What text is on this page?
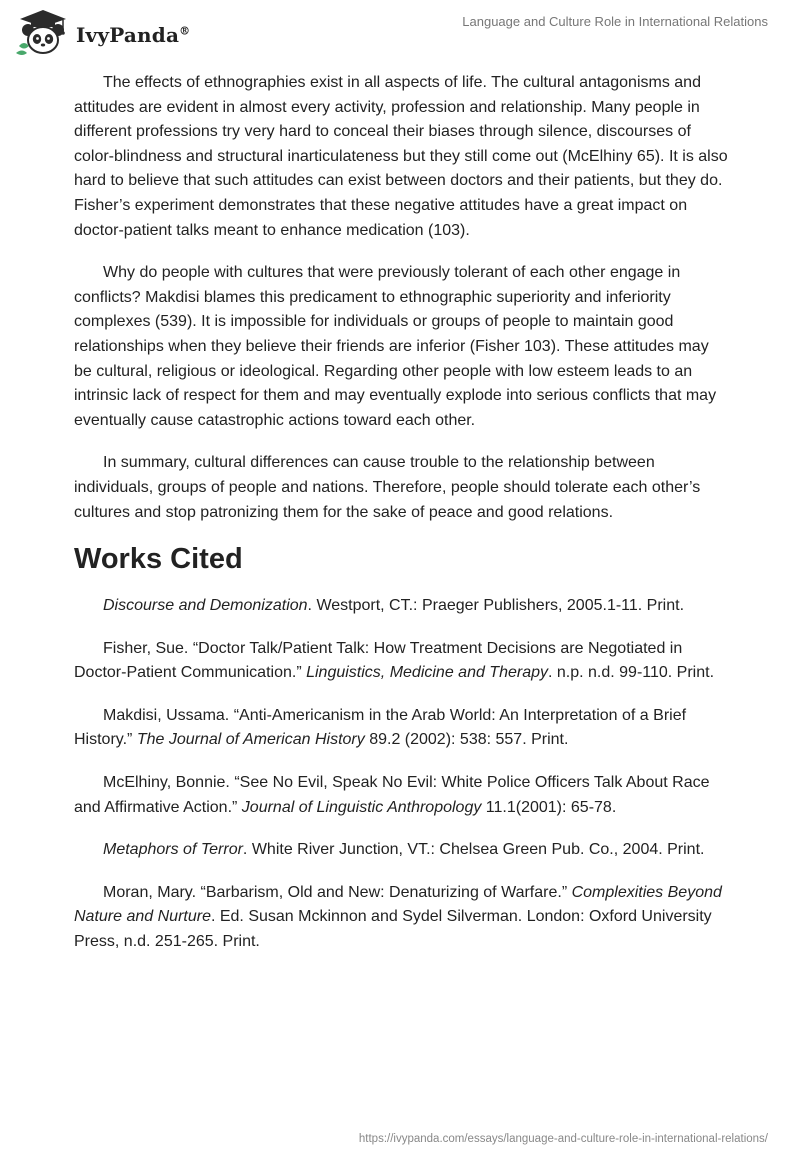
IvyPanda®
Language and Culture Role in International Relations

The effects of ethnographies exist in all aspects of life. The cultural antagonisms and attitudes are evident in almost every activity, profession and relationship. Many people in different professions try very hard to conceal their biases through silence, discourses of color-blindness and structural inarticulateness but they still come out (McElhiny 65). It is also hard to believe that such attitudes can exist between doctors and their patients, but they do. Fisher’s experiment demonstrates that these negative attitudes have a great impact on doctor-patient talks meant to enhance medication (103).

Why do people with cultures that were previously tolerant of each other engage in conflicts? Makdisi blames this predicament to ethnographic superiority and inferiority complexes (539). It is impossible for individuals or groups of people to maintain good relationships when they believe their friends are inferior (Fisher 103). These attitudes may be cultural, religious or ideological. Regarding other people with low esteem leads to an intrinsic lack of respect for them and may eventually explode into serious conflicts that may eventually cause catastrophic actions toward each other.

In summary, cultural differences can cause trouble to the relationship between individuals, groups of people and nations. Therefore, people should tolerate each other’s cultures and stop patronizing them for the sake of peace and good relations.

Works Cited

Discourse and Demonization. Westport, CT.: Praeger Publishers, 2005.1-11. Print.

Fisher, Sue. “Doctor Talk/Patient Talk: How Treatment Decisions are Negotiated in Doctor-Patient Communication.” Linguistics, Medicine and Therapy. n.p. n.d. 99-110. Print.

Makdisi, Ussama. “Anti-Americanism in the Arab World: An Interpretation of a Brief History.” The Journal of American History 89.2 (2002): 538: 557. Print.

McElhiny, Bonnie. “See No Evil, Speak No Evil: White Police Officers Talk About Race and Affirmative Action.” Journal of Linguistic Anthropology 11.1(2001): 65-78.

Metaphors of Terror. White River Junction, VT.: Chelsea Green Pub. Co., 2004. Print.

Moran, Mary. “Barbarism, Old and New: Denaturizing of Warfare.” Complexities Beyond Nature and Nurture. Ed. Susan Mckinnon and Sydel Silverman. London: Oxford University Press, n.d. 251-265. Print.

https://ivypanda.com/essays/language-and-culture-role-in-international-relations/
